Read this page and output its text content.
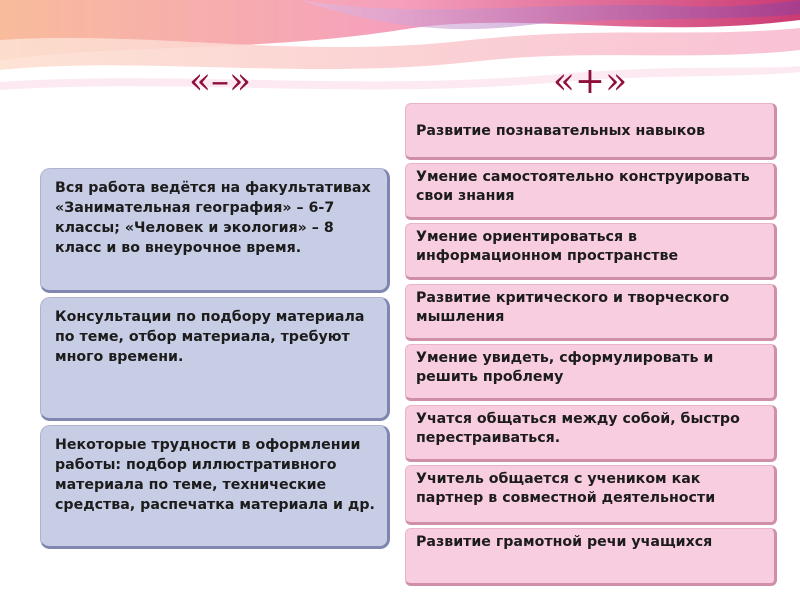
«–»	«+»
Вся работа ведётся на факультативах «Занимательная география» – 6-7 классы; «Человек и экология» – 8 класс и во внеурочное время.
Консультации по подбору материала по теме, отбор материала, требуют много времени.
Некоторые трудности в оформлении работы: подбор иллюстративного материала по теме, технические средства, распечатка материала и др.
Развитие познавательных навыков
Умение самостоятельно конструировать свои знания
Умение ориентироваться в информационном пространстве
Развитие критического и творческого мышления
Умение увидеть, сформулировать и решить проблему
Учатся общаться между собой, быстро перестраиваться.
Учитель общается с учеником как партнер в совместной деятельности
Развитие грамотной речи учащихся
